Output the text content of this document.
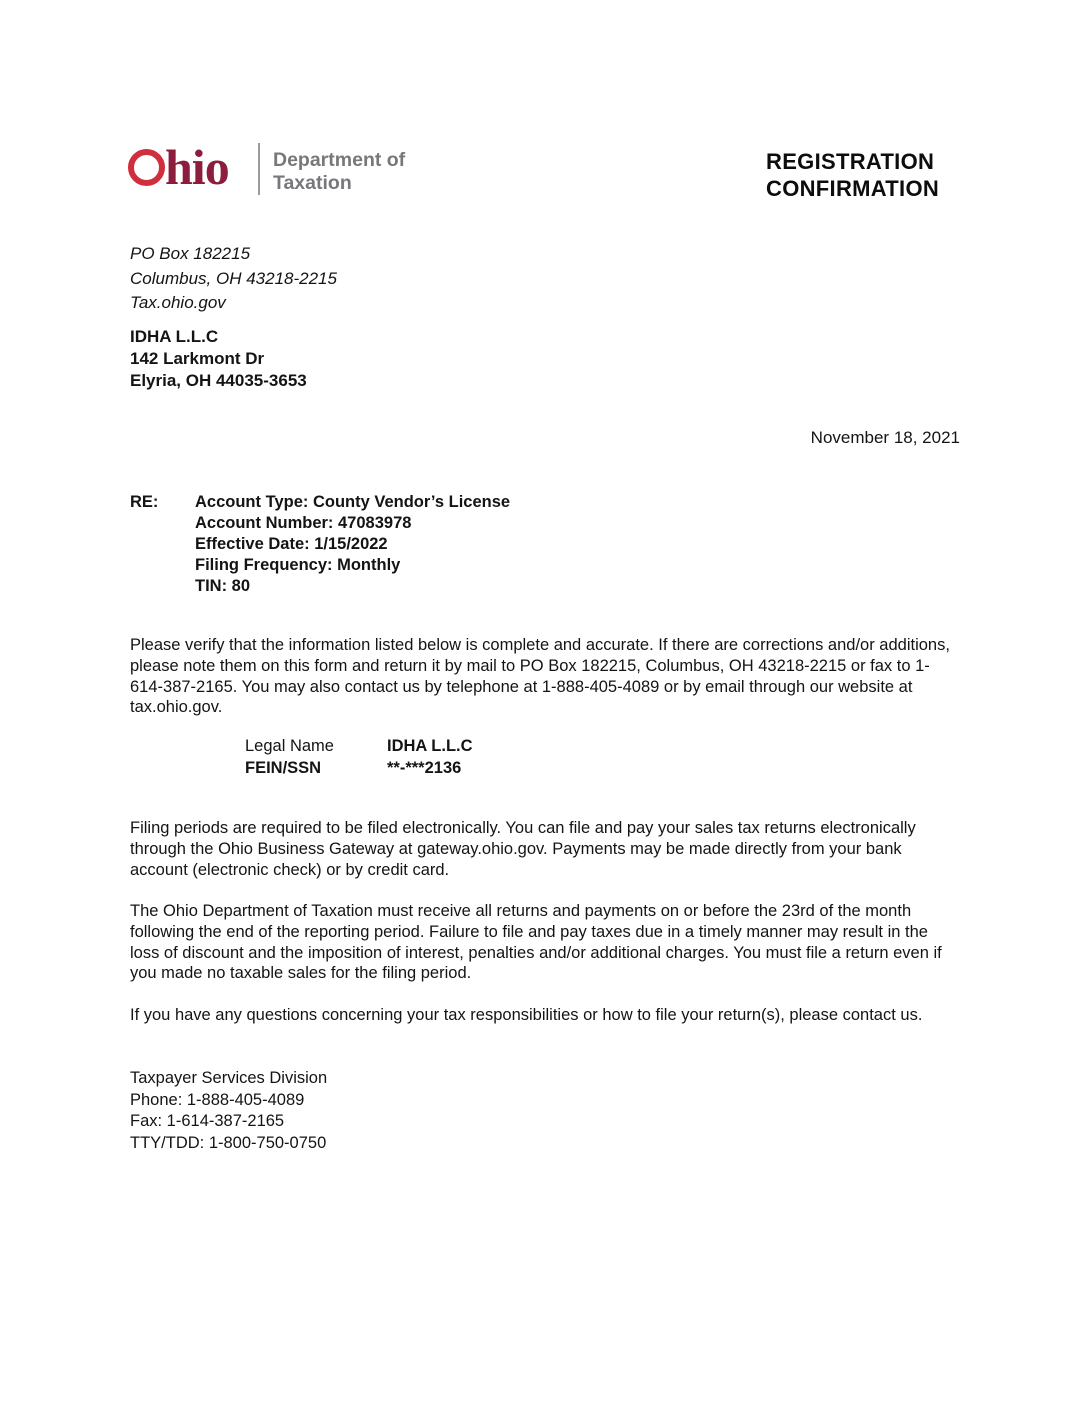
hio Department of
Taxation
REGISTRATION
CONFIRMATION
PO Box 182215
Columbus, OH 43218-2215
Tax.ohio.gov
IDHA L.L.C
142 Larkmont Dr
Elyria, OH 44035-3653
November 18, 2021
RE:	Account Type: County Vendor’s License
Account Number: 47083978
Effective Date: 1/15/2022
Filing Frequency: Monthly
TIN: 80
Please verify that the information listed below is complete and accurate. If there are corrections and/or additions, please note them on this form and return it by mail to PO Box 182215, Columbus, OH 43218-2215 or fax to 1-614-387-2165. You may also contact us by telephone at 1-888-405-4089 or by email through our website at tax.ohio.gov.
Legal Name	IDHA L.L.C
FEIN/SSN	**-***2136
Filing periods are required to be filed electronically. You can file and pay your sales tax returns electronically through the Ohio Business Gateway at gateway.ohio.gov. Payments may be made directly from your bank account (electronic check) or by credit card.
The Ohio Department of Taxation must receive all returns and payments on or before the 23rd of the month following the end of the reporting period. Failure to file and pay taxes due in a timely manner may result in the loss of discount and the imposition of interest, penalties and/or additional charges. You must file a return even if you made no taxable sales for the filing period.
If you have any questions concerning your tax responsibilities or how to file your return(s), please contact us.
Taxpayer Services Division
Phone: 1-888-405-4089
Fax: 1-614-387-2165
TTY/TDD: 1-800-750-0750
